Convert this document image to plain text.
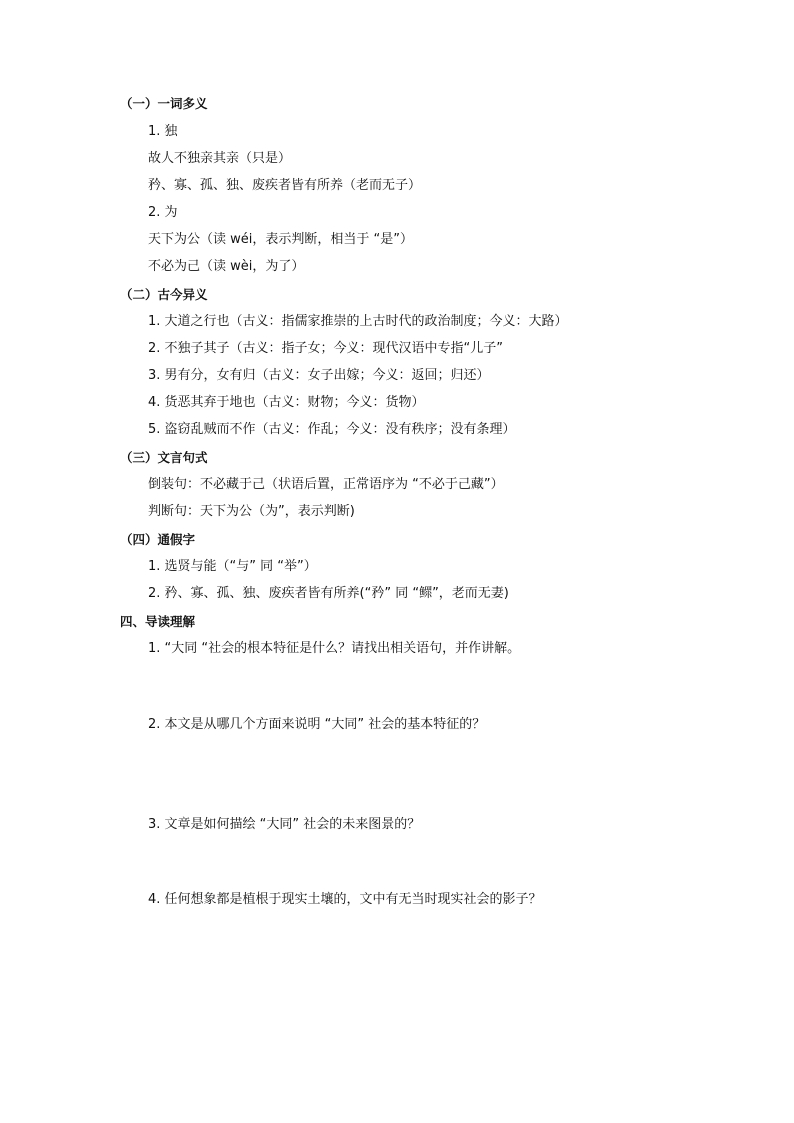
（一）一词多义
1. 独
故人不独亲其亲（只是）
矜、寡、孤、独、废疾者皆有所养（老而无子）
2. 为
天下为公（读 wéi，表示判断，相当于 “是”）
不必为己（读 wèi，为了）
（二）古今异义
1. 大道之行也（古义：指儒家推崇的上古时代的政治制度；今义：大路）
2. 不独子其子（古义：指子女；今义：现代汉语中专指“儿子”
3. 男有分，女有归（古义：女子出嫁；今义：返回；归还）
4. 货恶其弃于地也（古义：财物；今义：货物）
5. 盗窃乱贼而不作（古义：作乱；今义：没有秩序；没有条理）
（三）文言句式
倒装句：不必藏于己（状语后置，正常语序为 “不必于己藏”）
判断句：天下为公（为”，表示判断)
（四）通假字
1. 选贤与能（“与” 同 “举”）
2. 矜、寡、孤、独、废疾者皆有所养(“矜” 同 “鳏”，老而无妻)
四、导读理解
1. “大同 “社会的根本特征是什么？请找出相关语句，并作讲解。
2. 本文是从哪几个方面来说明 “大同” 社会的基本特征的？
3. 文章是如何描绘 “大同” 社会的未来图景的？
4. 任何想象都是植根于现实土壤的，文中有无当时现实社会的影子？
